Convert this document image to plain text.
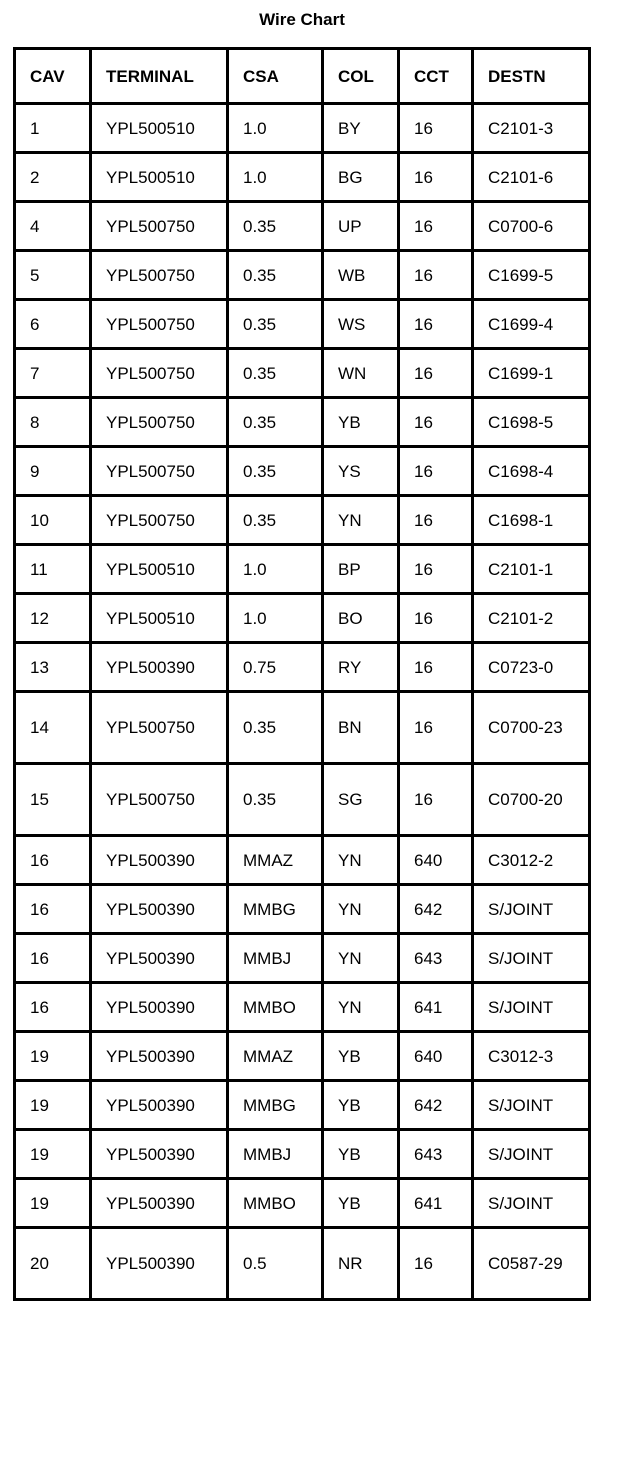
Wire Chart
CAV	TERMINAL	CSA	COL	CCT	DESTN
1	YPL500510	1.0	BY	16	C2101-3
2	YPL500510	1.0	BG	16	C2101-6
4	YPL500750	0.35	UP	16	C0700-6
5	YPL500750	0.35	WB	16	C1699-5
6	YPL500750	0.35	WS	16	C1699-4
7	YPL500750	0.35	WN	16	C1699-1
8	YPL500750	0.35	YB	16	C1698-5
9	YPL500750	0.35	YS	16	C1698-4
10	YPL500750	0.35	YN	16	C1698-1
11	YPL500510	1.0	BP	16	C2101-1
12	YPL500510	1.0	BO	16	C2101-2
13	YPL500390	0.75	RY	16	C0723-0
14	YPL500750	0.35	BN	16	C0700-23
15	YPL500750	0.35	SG	16	C0700-20
16	YPL500390	MMAZ	YN	640	C3012-2
16	YPL500390	MMBG	YN	642	S/JOINT
16	YPL500390	MMBJ	YN	643	S/JOINT
16	YPL500390	MMBO	YN	641	S/JOINT
19	YPL500390	MMAZ	YB	640	C3012-3
19	YPL500390	MMBG	YB	642	S/JOINT
19	YPL500390	MMBJ	YB	643	S/JOINT
19	YPL500390	MMBO	YB	641	S/JOINT
20	YPL500390	0.5	NR	16	C0587-29
